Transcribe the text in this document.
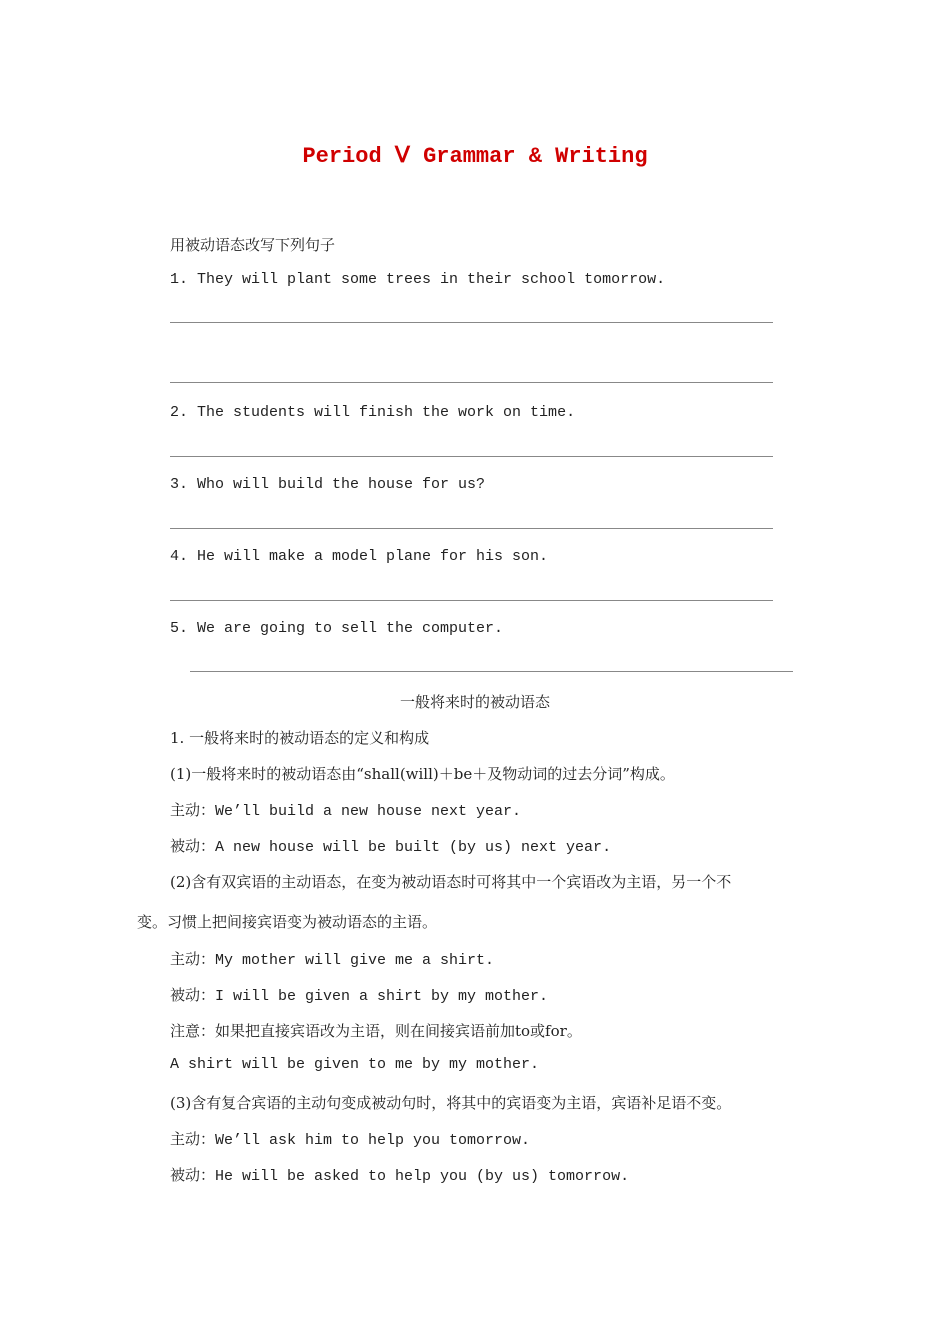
Period Ⅴ Grammar & Writing
用被动语态改写下列句子
1. They will plant some trees in their school tomorrow.
2. The students will finish the work on time.
3. Who will build the house for us?
4. He will make a model plane for his son.
5. We are going to sell the computer.
一般将来时的被动语态
1. 一般将来时的被动语态的定义和构成
(1)一般将来时的被动语态由“shall(will)＋be＋及物动词的过去分词”构成。
主动：We’ll build a new house next year.
被动：A new house will be built (by us) next year.
(2)含有双宾语的主动语态，在变为被动语态时可将其中一个宾语改为主语，另一个不
变。习惯上把间接宾语变为被动语态的主语。
主动：My mother will give me a shirt.
被动：I will be given a shirt by my mother.
注意：如果把直接宾语改为主语，则在间接宾语前加to或for。
A shirt will be given to me by my mother.
(3)含有复合宾语的主动句变成被动句时，将其中的宾语变为主语，宾语补足语不变。
主动：We’ll ask him to help you tomorrow.
被动：He will be asked to help you (by us) tomorrow.
